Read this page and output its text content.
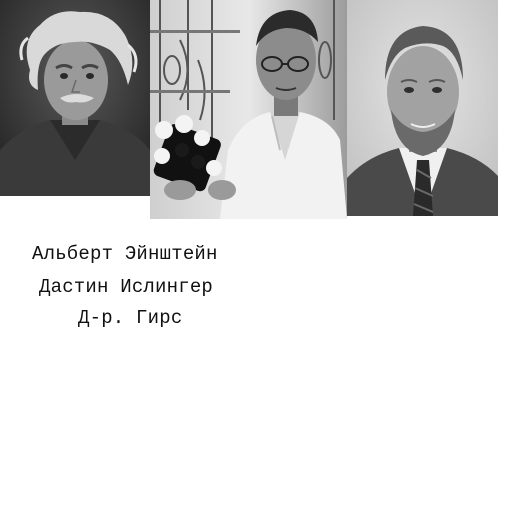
Альберт Эйнштейн
Дастин Ислингер
Д-р. Гирс
